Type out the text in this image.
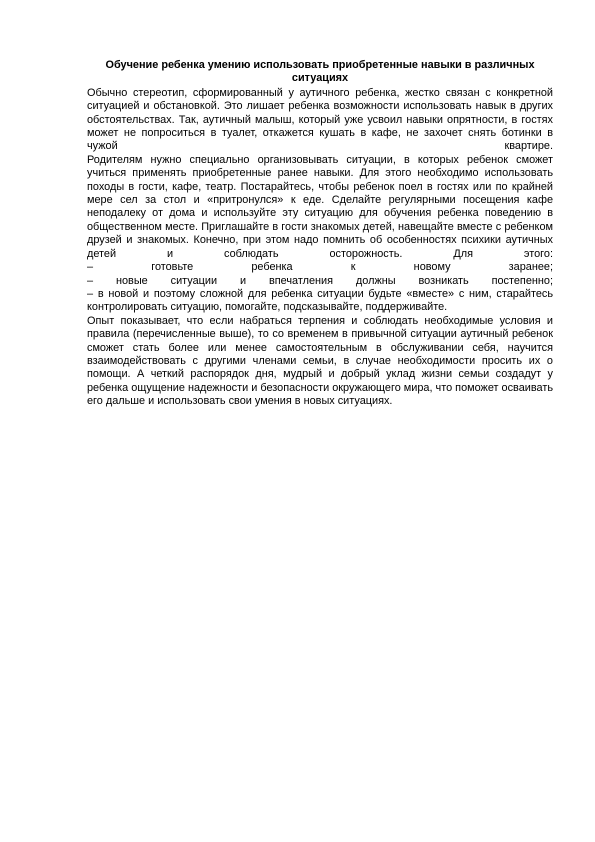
Обучение ребенка умению использовать приобретенные навыки в различных ситуациях

Обычно стереотип, сформированный у аутичного ребенка, жестко связан с конкретной ситуацией и обстановкой. Это лишает ребенка возможности использовать навык в других обстоятельствах. Так, аутичный малыш, который уже усвоил навыки опрятности, в гостях может не попроситься в туалет, откажется кушать в кафе, не захочет снять ботинки в чужой квартире.

Родителям нужно специально организовывать ситуации, в которых ребенок сможет учиться применять приобретенные ранее навыки. Для этого необходимо использовать походы в гости, кафе, театр. Постарайтесь, чтобы ребенок поел в гостях или по крайней мере сел за стол и «притронулся» к еде. Сделайте регулярными посещения кафе неподалеку от дома и используйте эту ситуацию для обучения ребенка поведению в общественном месте. Приглашайте в гости знакомых детей, навещайте вместе с ребенком друзей и знакомых. Конечно, при этом надо помнить об особенностях психики аутичных детей и соблюдать осторожность. Для этого:

– готовьте ребенка к новому заранее;
– новые ситуации и впечатления должны возникать постепенно;
– в новой и поэтому сложной для ребенка ситуации будьте «вместе» с ним, старайтесь контролировать ситуацию, помогайте, подсказывайте, поддерживайте.

Опыт показывает, что если набраться терпения и соблюдать необходимые условия и правила (перечисленные выше), то со временем в привычной ситуации аутичный ребенок сможет стать более или менее самостоятельным в обслуживании себя, научится взаимодействовать с другими членами семьи, в случае необходимости просить их о помощи. А четкий распорядок дня, мудрый и добрый уклад жизни семьи создадут у ребенка ощущение надежности и безопасности окружающего мира, что поможет осваивать его дальше и использовать свои умения в новых ситуациях.
